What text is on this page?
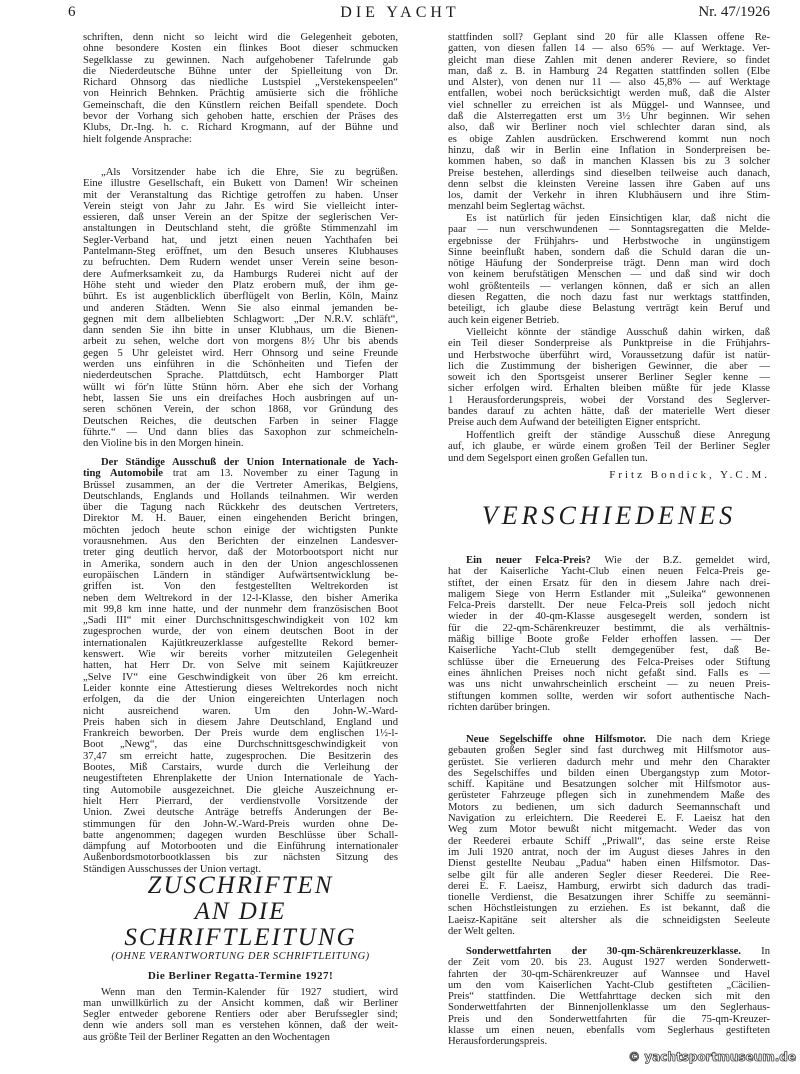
6	DIE YACHT	Nr. 47/1926
schriften, denn nicht so leicht wird die Gelegenheit geboten,
ohne besondere Kosten ein flinkes Boot dieser schmucken
Segelklasse zu gewinnen. Nach aufgehobener Tafelrunde gab
die Niederdeutsche Bühne unter der Spielleitung von Dr.
Richard Ohnsorg das niedliche Lustspiel „Verstekenspeelen“
von Heinrich Behnken. Prächtig amüsierte sich die fröhliche
Gemeinschaft, die den Künstlern reichen Beifall spendete. Doch
bevor der Vorhang sich gehoben hatte, erschien der Präses des
Klubs, Dr.-Ing. h. c. Richard Krogmann, auf der Bühne und
hielt folgende Ansprache:
„Als Vorsitzender habe ich die Ehre, Sie zu begrüßen.
Eine illustre Gesellschaft, ein Bukett von Damen! Wir scheinen
mit der Veranstaltung das Richtige getroffen zu haben. Unser
Verein steigt von Jahr zu Jahr. Es wird Sie vielleicht inter-
essieren, daß unser Verein an der Spitze der seglerischen Ver-
anstaltungen in Deutschland steht, die größte Stimmenzahl im
Segler-Verband hat, und jetzt einen neuen Yachthafen bei
Pantelmann-Steg eröffnet, um den Besuch unseres Klubhauses
zu befruchten. Dem Rudern wendet unser Verein seine beson-
dere Aufmerksamkeit zu, da Hamburgs Ruderei nicht auf der
Höhe steht und wieder den Platz erobern muß, der ihm ge-
bührt. Es ist augenblicklich überflügelt von Berlin, Köln, Mainz
und anderen Städten. Wenn Sie also einmal jemanden be-
gegnen mit dem allbeliebten Schlagwort: „Der N.R.V. schläft“,
dann senden Sie ihn bitte in unser Klubhaus, um die Bienen-
arbeit zu sehen, welche dort von morgens 8½ Uhr bis abends
gegen 5 Uhr geleistet wird. Herr Ohnsorg und seine Freunde
werden uns einführen in die Schönheiten und Tiefen der
niederdeutschen Sprache. Plattdütsch, echt Hamborger Platt
wüllt wi för'n lütte Stünn hörn. Aber ehe sich der Vorhang
hebt, lassen Sie uns ein dreifaches Hoch ausbringen auf un-
seren schönen Verein, der schon 1868, vor Gründung des
Deutschen Reiches, die deutschen Farben in seiner Flagge
führte.“ — Und dann blies das Saxophon zur schmeicheln-
den Violine bis in den Morgen hinein.
Der Ständige Ausschuß der Union Internationale de Yach-
ting Automobile trat am 13. November zu einer Tagung in
Brüssel zusammen, an der die Vertreter Amerikas, Belgiens,
Deutschlands, Englands und Hollands teilnahmen. Wir werden
über die Tagung nach Rückkehr des deutschen Vertreters,
Direktor M. H. Bauer, einen eingehenden Bericht bringen,
möchten jedoch heute schon einige der wichtigsten Punkte
vorausnehmen. Aus den Berichten der einzelnen Landesver-
treter ging deutlich hervor, daß der Motorbootsport nicht nur
in Amerika, sondern auch in den der Union angeschlossenen
europäischen Ländern in ständiger Aufwärtsentwicklung be-
griffen ist. Von den festgestellten Weltrekorden ist
neben dem Weltrekord in der 12-l-Klasse, den bisher Amerika
mit 99,8 km inne hatte, und der nunmehr dem französischen Boot
„Sadi III“ mit einer Durchschnittsgeschwindigkeit von 102 km
zugesprochen wurde, der von einem deutschen Boot in der
internationalen Kajütkreuzerklasse aufgestellte Rekord bemer-
kenswert. Wie wir bereits vorher mitzuteilen Gelegenheit
hatten, hat Herr Dr. von Selve mit seinem Kajütkreuzer
„Selve IV“ eine Geschwindigkeit von über 26 km erreicht.
Leider konnte eine Attestierung dieses Weltrekordes noch nicht
erfolgen, da die der Union eingereichten Unterlagen noch
nicht ausreichend waren. Um den John-W.-Ward-
Preis haben sich in diesem Jahre Deutschland, England und
Frankreich beworben. Der Preis wurde dem englischen 1½-l-
Boot „Newg“, das eine Durchschnittsgeschwindigkeit von
37,47 sm erreicht hatte, zugesprochen. Die Besitzerin des
Bootes, Miß Carstairs, wurde durch die Verleihung der
neugestifteten Ehrenplakette der Union Internationale de Yach-
ting Automobile ausgezeichnet. Die gleiche Auszeichnung er-
hielt Herr Pierrard, der verdienstvolle Vorsitzende der
Union. Zwei deutsche Anträge betreffs Änderungen der Be-
stimmungen für den John-W.-Ward-Preis wurden ohne De-
batte angenommen; dagegen wurden Beschlüsse über Schall-
dämpfung auf Motorbooten und die Einführung internationaler
Außenbordsmotorbootklassen bis zur nächsten Sitzung des
Ständigen Ausschusses der Union vertagt.
ZUSCHRIFTEN
AN DIE SCHRIFTLEITUNG
(OHNE VERANTWORTUNG DER SCHRIFTLEITUNG)
Die Berliner Regatta-Termine 1927!
Wenn man den Termin-Kalender für 1927 studiert, wird
man unwillkürlich zu der Ansicht kommen, daß wir Berliner
Segler entweder geborene Rentiers oder aber Berufssegler sind;
denn wie anders soll man es verstehen können, daß der weit-
aus größte Teil der Berliner Regatten an den Wochentagen
stattfinden soll? Geplant sind 20 für alle Klassen offene Re-
gatten, von diesen fallen 14 — also 65% — auf Werktage. Ver-
gleicht man diese Zahlen mit denen anderer Reviere, so findet
man, daß z. B. in Hamburg 24 Regatten stattfinden sollen (Elbe
und Alster), von denen nur 11 — also 45,8% — auf Werktage
entfallen, wobei noch berücksichtigt werden muß, daß die Alster
viel schneller zu erreichen ist als Müggel- und Wannsee, und
daß die Alsterregatten erst um 3½ Uhr beginnen. Wir sehen
also, daß wir Berliner noch viel schlechter daran sind, als
es obige Zahlen ausdrücken. Erschwerend kommt nun noch
hinzu, daß wir in Berlin eine Inflation in Sonderpreisen be-
kommen haben, so daß in manchen Klassen bis zu 3 solcher
Preise bestehen, allerdings sind dieselben teilweise auch danach,
denn selbst die kleinsten Vereine lassen ihre Gaben auf uns
los, damit der Verkehr in ihren Klubhäusern und ihre Stim-
menzahl beim Seglertag wächst.
Es ist natürlich für jeden Einsichtigen klar, daß nicht die
paar — nun verschwundenen — Sonntagsregatten die Melde-
ergebnisse der Frühjahrs- und Herbstwoche in ungünstigem
Sinne beeinflußt haben, sondern daß die Schuld daran die un-
nötige Häufung der Sonderpreise trägt. Denn man wird doch
von keinem berufstätigen Menschen — und daß sind wir doch
wohl größtenteils — verlangen können, daß er sich an allen
diesen Regatten, die noch dazu fast nur werktags stattfinden,
beteiligt, ich glaube diese Belastung verträgt kein Beruf und
auch kein eigener Betrieb.
Vielleicht könnte der ständige Ausschuß dahin wirken, daß
ein Teil dieser Sonderpreise als Punktpreise in die Frühjahrs-
und Herbstwoche überführt wird, Voraussetzung dafür ist natür-
lich die Zustimmung der bisherigen Gewinner, die aber —
soweit ich den Sportsgeist unserer Berliner Segler kenne —
sicher erfolgen wird. Erhalten bleiben müßte für jede Klasse
1 Herausforderungspreis, wobei der Vorstand des Seglerver-
bandes darauf zu achten hätte, daß der materielle Wert dieser
Preise auch dem Aufwand der beteiligten Eigner entspricht.
Hoffentlich greift der ständige Ausschuß diese Anregung
auf, ich glaube, er würde einem großen Teil der Berliner Segler
und dem Segelsport einen großen Gefallen tun.
Fritz Bondick, Y.C.M.
VERSCHIEDENES
Ein neuer Felca-Preis? Wie der B.Z. gemeldet wird,
hat der Kaiserliche Yacht-Club einen neuen Felca-Preis ge-
stiftet, der einen Ersatz für den in diesem Jahre nach drei-
maligem Siege von Herrn Estlander mit „Suleika“ gewonnenen
Felca-Preis darstellt. Der neue Felca-Preis soll jedoch nicht
wieder in der 40-qm-Klasse ausgesegelt werden, sondern ist
für die 22-qm-Schärenkreuzer bestimmt, die als verhältnis-
mäßig billige Boote große Felder erhoffen lassen. — Der
Kaiserliche Yacht-Club stellt demgegenüber fest, daß Be-
schlüsse über die Erneuerung des Felca-Preises oder Stiftung
eines ähnlichen Preises noch nicht gefaßt sind. Falls es —
was uns nicht unwahrscheinlich erscheint — zu neuen Preis-
stiftungen kommen sollte, werden wir sofort authentische Nach-
richten darüber bringen.
Neue Segelschiffe ohne Hilfsmotor. Die nach dem Kriege
gebauten großen Segler sind fast durchweg mit Hilfsmotor aus-
gerüstet. Sie verlieren dadurch mehr und mehr den Charakter
des Segelschiffes und bilden einen Übergangstyp zum Motor-
schiff. Kapitäne und Besatzungen solcher mit Hilfsmotor aus-
gerüsteter Fahrzeuge pflegen sich in zunehmendem Maße des
Motors zu bedienen, um sich dadurch Seemannschaft und
Navigation zu erleichtern. Die Reederei E. F. Laeisz hat den
Weg zum Motor bewußt nicht mitgemacht. Weder das von
der Reederei erbaute Schiff „Priwall“, das seine erste Reise
im Juli 1920 antrat, noch der im August dieses Jahres in den
Dienst gestellte Neubau „Padua“ haben einen Hilfsmotor. Das-
selbe gilt für alle anderen Segler dieser Reederei. Die Ree-
derei E. F. Laeisz, Hamburg, erwirbt sich dadurch das tradi-
tionelle Verdienst, die Besatzungen ihrer Schiffe zu seemänni-
schen Höchstleistungen zu erziehen. Es ist bekannt, daß die
Laeisz-Kapitäne seit altersher als die schneidigsten Seeleute
der Welt gelten.
Sonderwettfahrten der 30-qm-Schärenkreuzerklasse. In
der Zeit vom 20. bis 23. August 1927 werden Sonderwett-
fahrten der 30-qm-Schärenkreuzer auf Wannsee und Havel
um den vom Kaiserlichen Yacht-Club gestifteten „Cäcilien-
Preis“ stattfinden. Die Wettfahrttage decken sich mit den
Sonderwettfahrten der Binnenjollenklasse um den Seglerhaus-
Preis und den Sonderwettfahrten für die 75-qm-Kreuzer-
klasse um einen neuen, ebenfalls vom Seglerhaus gestifteten
Herausforderungspreis.
© yachtsportmuseum.de
